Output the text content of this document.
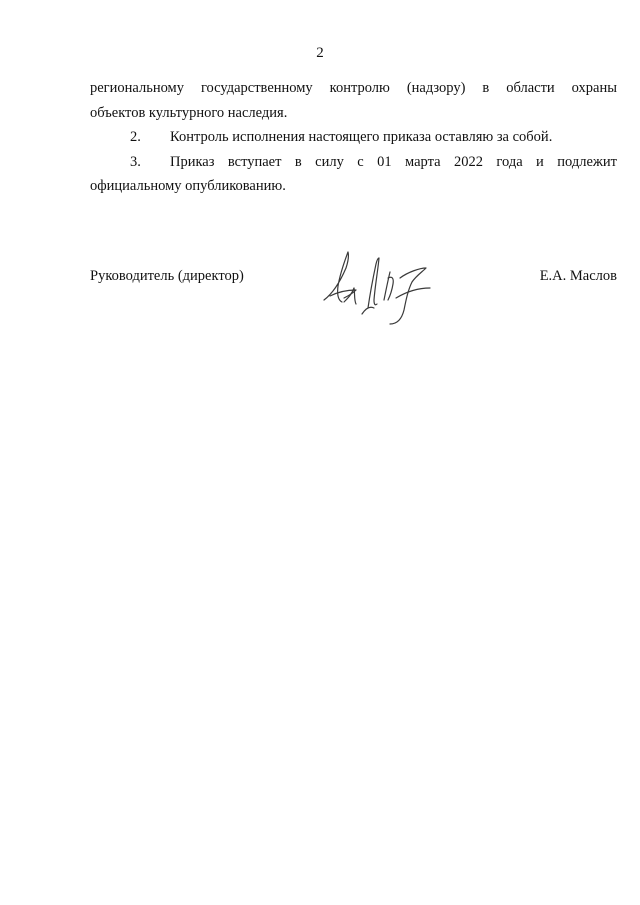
2

региональному государственному контролю (надзору) в области охраны
объектов культурного наследия.

2.	Контроль исполнения настоящего приказа оставляю за собой.

3.	Приказ вступает в силу с 01 марта 2022 года и подлежит
официальному опубликованию.

Руководитель (директор)	Е.А. Маслов
